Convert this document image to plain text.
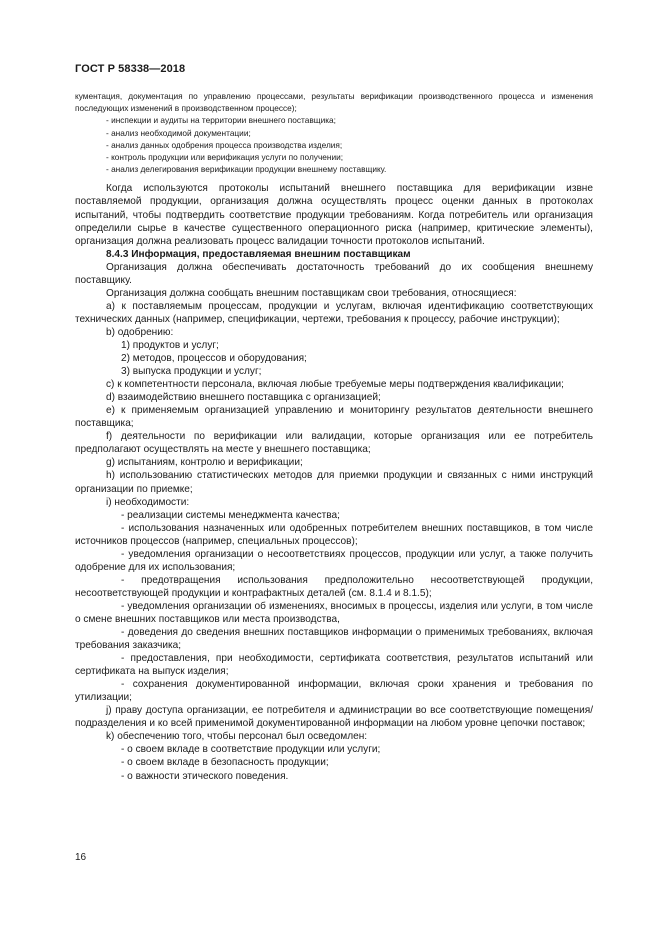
ГОСТ Р 58338—2018

кументация, документация по управлению процессами, результаты верификации производственного процесса и изменения последующих изменений в производственном процессе);

- инспекции и аудиты на территории внешнего поставщика;

- анализ необходимой документации;

- анализ данных одобрения процесса производства изделия;

- контроль продукции или верификация услуги по получении;

- анализ делегирования верификации продукции внешнему поставщику.

Когда используются протоколы испытаний внешнего поставщика для верификации извне поставляемой продукции, организация должна осуществлять процесс оценки данных в протоколах испытаний, чтобы подтвердить соответствие продукции требованиям. Когда потребитель или организация определили сырье в качестве существенного операционного риска (например, критические элементы), организация должна реализовать процесс валидации точности протоколов испытаний.

8.4.3 Информация, предоставляемая внешним поставщикам

Организация должна обеспечивать достаточность требований до их сообщения внешнему поставщику.

Организация должна сообщать внешним поставщикам свои требования, относящиеся:

а) к поставляемым процессам, продукции и услугам, включая идентификацию соответствующих технических данных (например, спецификации, чертежи, требования к процессу, рабочие инструкции);

b) одобрению:

1) продуктов и услуг;

2) методов, процессов и оборудования;

3) выпуска продукции и услуг;

c) к компетентности персонала, включая любые требуемые меры подтверждения квалификации;

d) взаимодействию внешнего поставщика с организацией;

e) к применяемым организацией управлению и мониторингу результатов деятельности внешнего поставщика;

f) деятельности по верификации или валидации, которые организация или ее потребитель предполагают осуществлять на месте у внешнего поставщика;

g) испытаниям, контролю и верификации;

h) использованию статистических методов для приемки продукции и связанных с ними инструкций организации по приемке;

i) необходимости:

- реализации системы менеджмента качества;

- использования назначенных или одобренных потребителем внешних поставщиков, в том числе источников процессов (например, специальных процессов);

- уведомления организации о несоответствиях процессов, продукции или услуг, а также получить одобрение для их использования;

- предотвращения использования предположительно несоответствующей продукции, несоответствующей продукции и контрафактных деталей (см. 8.1.4 и 8.1.5);

- уведомления организации об изменениях, вносимых в процессы, изделия или услуги, в том числе о смене внешних поставщиков или места производства,

- доведения до сведения внешних поставщиков информации о применимых требованиях, включая требования заказчика;

- предоставления, при необходимости, сертификата соответствия, результатов испытаний или сертификата на выпуск изделия;

- сохранения документированной информации, включая сроки хранения и требования по утилизации;

j) праву доступа организации, ее потребителя и администрации во все соответствующие помещения/подразделения и ко всей применимой документированной информации на любом уровне цепочки поставок;

k) обеспечению того, чтобы персонал был осведомлен:

- о своем вкладе в соответствие продукции или услуги;

- о своем вкладе в безопасность продукции;

- о важности этического поведения.

16
